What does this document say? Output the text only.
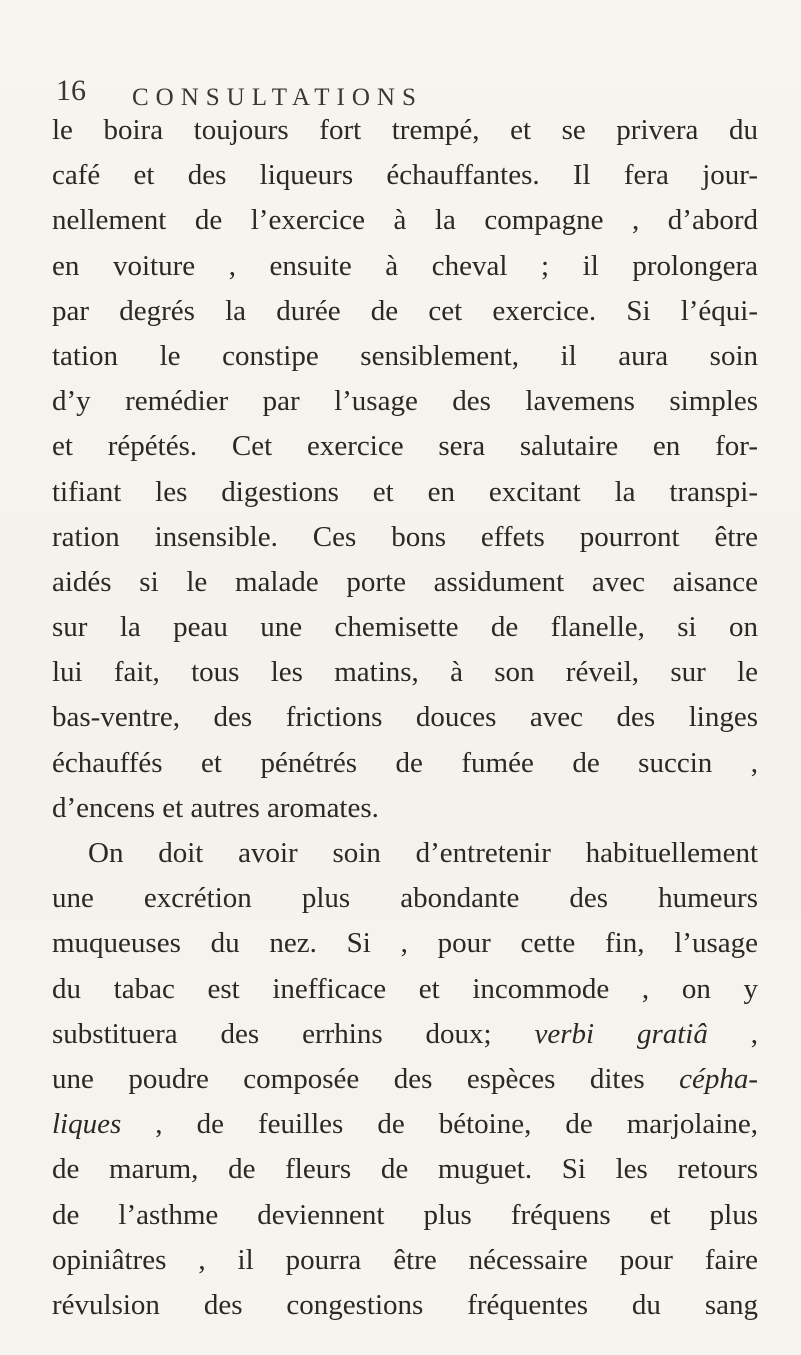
16 CONSULTATIONS
le boira toujours fort trempé, et se privera du
café et des liqueurs échauffantes. Il fera jour-
nellement de l’exercice à la compagne , d’abord
en voiture , ensuite à cheval ; il prolongera
par degrés la durée de cet exercice. Si l’équi-
tation le constipe sensiblement, il aura soin
d’y remédier par l’usage des lavemens simples
et répétés. Cet exercice sera salutaire en for-
tifiant les digestions et en excitant la transpi-
ration insensible. Ces bons effets pourront être
aidés si le malade porte assidument avec aisance
sur la peau une chemisette de flanelle, si on
lui fait, tous les matins, à son réveil, sur le
bas-ventre, des frictions douces avec des linges
échauffés et pénétrés de fumée de succin ,
d’encens et autres aromates.
On doit avoir soin d’entretenir habituellement
une excrétion plus abondante des humeurs
muqueuses du nez. Si , pour cette fin, l’usage
du tabac est inefficace et incommode , on y
substituera des errhins doux; verbi gratiâ ,
une poudre composée des espèces dites cépha-
liques , de feuilles de bétoine, de marjolaine,
de marum, de fleurs de muguet. Si les retours
de l’asthme deviennent plus fréquens et plus
opiniâtres , il pourra être nécessaire pour faire
révulsion des congestions fréquentes du sang
